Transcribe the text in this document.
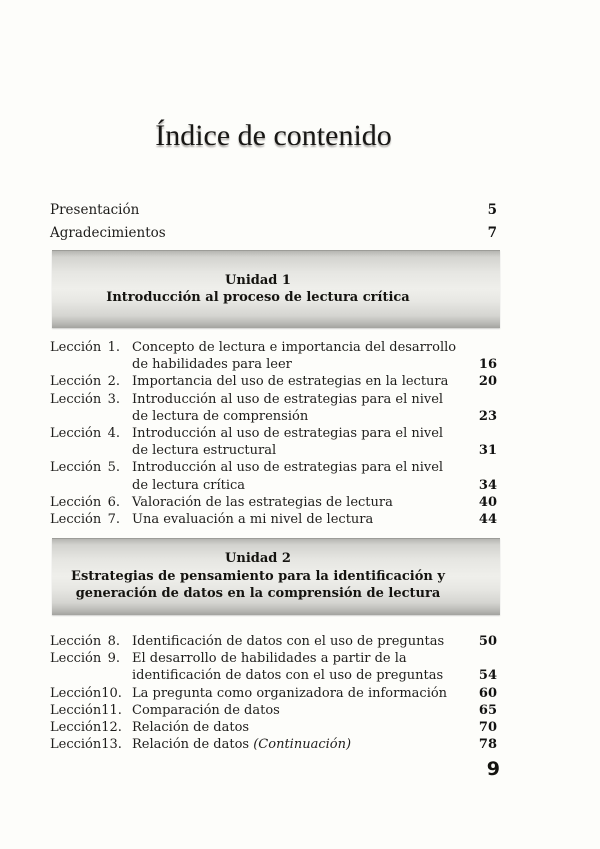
Índice de contenido
Presentación	5
Agradecimientos	7
Unidad 1
Introducción al proceso de lectura crítica
Lección 1. Concepto de lectura e importancia del desarrollo
de habilidades para leer	16
Lección 2. Importancia del uso de estrategias en la lectura	20
Lección 3. Introducción al uso de estrategias para el nivel
de lectura de comprensión	23
Lección 4. Introducción al uso de estrategias para el nivel
de lectura estructural	31
Lección 5. Introducción al uso de estrategias para el nivel
de lectura crítica	34
Lección 6. Valoración de las estrategias de lectura	40
Lección 7. Una evaluación a mi nivel de lectura	44
Unidad 2
Estrategias de pensamiento para la identificación y
generación de datos en la comprensión de lectura
Lección 8. Identificación de datos con el uso de preguntas	50
Lección 9. El desarrollo de habilidades a partir de la
identificación de datos con el uso de preguntas	54
Lección 10. La pregunta como organizadora de información	60
Lección 11. Comparación de datos	65
Lección 12. Relación de datos	70
Lección 13. Relación de datos (Continuación)	78
9
